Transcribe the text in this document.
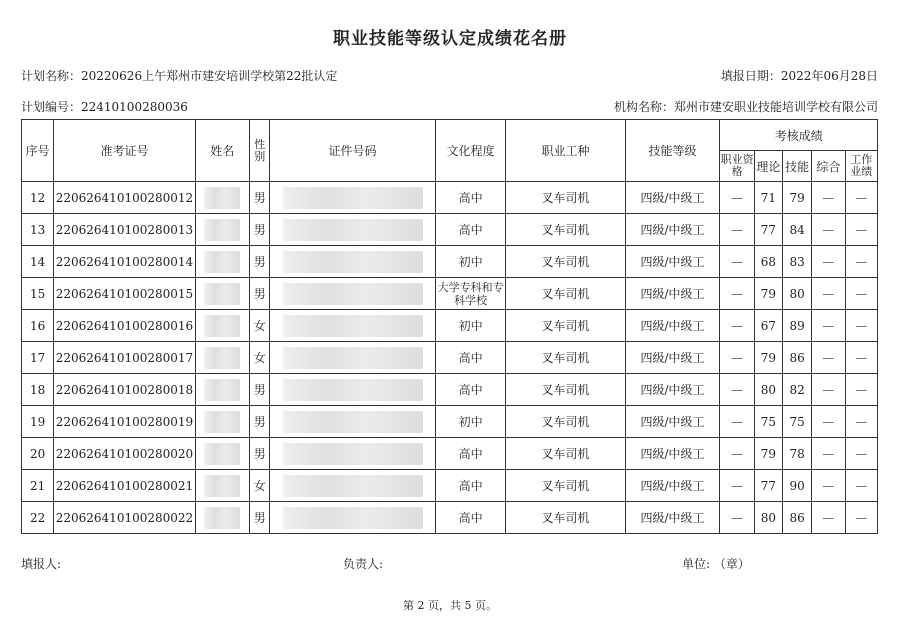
职业技能等级认定成绩花名册
计划名称：20220626上午郑州市建安培训学校第22批认定	填报日期：2022年06月28日
计划编号：22410100280036	机构名称：郑州市建安职业技能培训学校有限公司
序号	准考证号	姓名	性别	证件号码	文化程度	职业工种	技能等级	考核成绩				
								职业资格	理论	技能	综合	工作业绩
12	220626410100280012		男		高中	叉车司机	四级/中级工	—	71	79	—	—
13	220626410100280013		男		高中	叉车司机	四级/中级工	—	77	84	—	—
14	220626410100280014		男		初中	叉车司机	四级/中级工	—	68	83	—	—
15	220626410100280015		男		大学专科和专科学校	叉车司机	四级/中级工	—	79	80	—	—
16	220626410100280016		女		初中	叉车司机	四级/中级工	—	67	89	—	—
17	220626410100280017		女		高中	叉车司机	四级/中级工	—	79	86	—	—
18	220626410100280018		男		高中	叉车司机	四级/中级工	—	80	82	—	—
19	220626410100280019		男		初中	叉车司机	四级/中级工	—	75	75	—	—
20	220626410100280020		男		高中	叉车司机	四级/中级工	—	79	78	—	—
21	220626410100280021		女		高中	叉车司机	四级/中级工	—	77	90	—	—
22	220626410100280022		男		高中	叉车司机	四级/中级工	—	80	86	—	—
填报人:	负责人:	单位: （章）
第 2 页，共 5 页。
